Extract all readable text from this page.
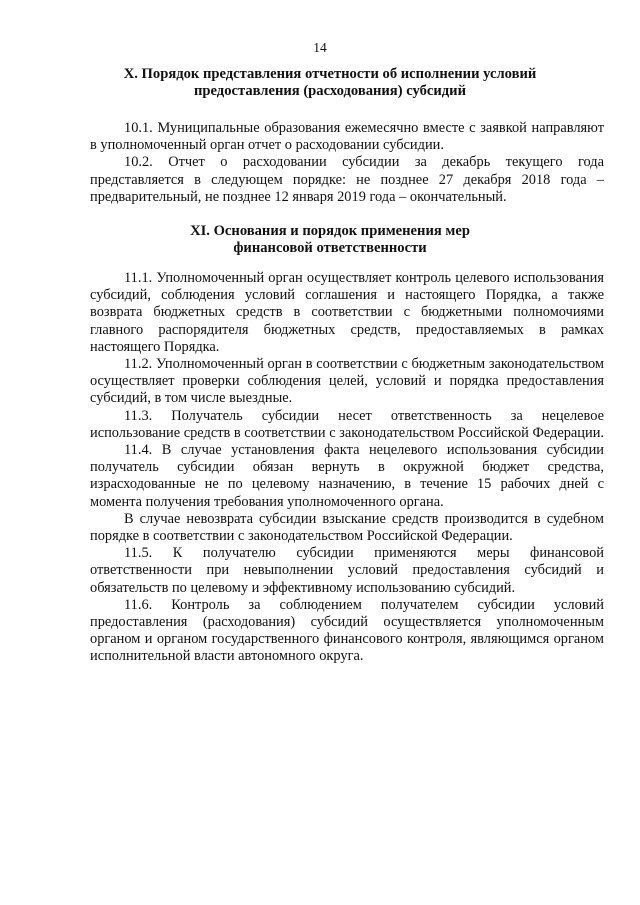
14
X. Порядок представления отчетности об исполнении условий
предоставления (расходования) субсидий

10.1. Муниципальные образования ежемесячно вместе с заявкой направляют в уполномоченный орган отчет о расходовании субсидии.

10.2. Отчет о расходовании субсидии за декабрь текущего года представляется в следующем порядке: не позднее 27 декабря 2018 года – предварительный, не позднее 12 января 2019 года – окончательный.

XI. Основания и порядок применения мер
финансовой ответственности

11.1. Уполномоченный орган осуществляет контроль целевого использования субсидий, соблюдения условий соглашения и настоящего Порядка, а также возврата бюджетных средств в соответствии с бюджетными полномочиями главного распорядителя бюджетных средств, предоставляемых в рамках настоящего Порядка.

11.2. Уполномоченный орган в соответствии с бюджетным законодательством осуществляет проверки соблюдения целей, условий и порядка предоставления субсидий, в том числе выездные.

11.3. Получатель субсидии несет ответственность за нецелевое использование средств в соответствии с законодательством Российской Федерации.

11.4. В случае установления факта нецелевого использования субсидии получатель субсидии обязан вернуть в окружной бюджет средства, израсходованные не по целевому назначению, в течение 15 рабочих дней с момента получения требования уполномоченного органа.

В случае невозврата субсидии взыскание средств производится в судебном порядке в соответствии с законодательством Российской Федерации.

11.5. К получателю субсидии применяются меры финансовой ответственности при невыполнении условий предоставления субсидий и обязательств по целевому и эффективному использованию субсидий.

11.6. Контроль за соблюдением получателем субсидии условий предоставления (расходования) субсидий осуществляется уполномоченным органом и органом государственного финансового контроля, являющимся органом исполнительной власти автономного округа.
